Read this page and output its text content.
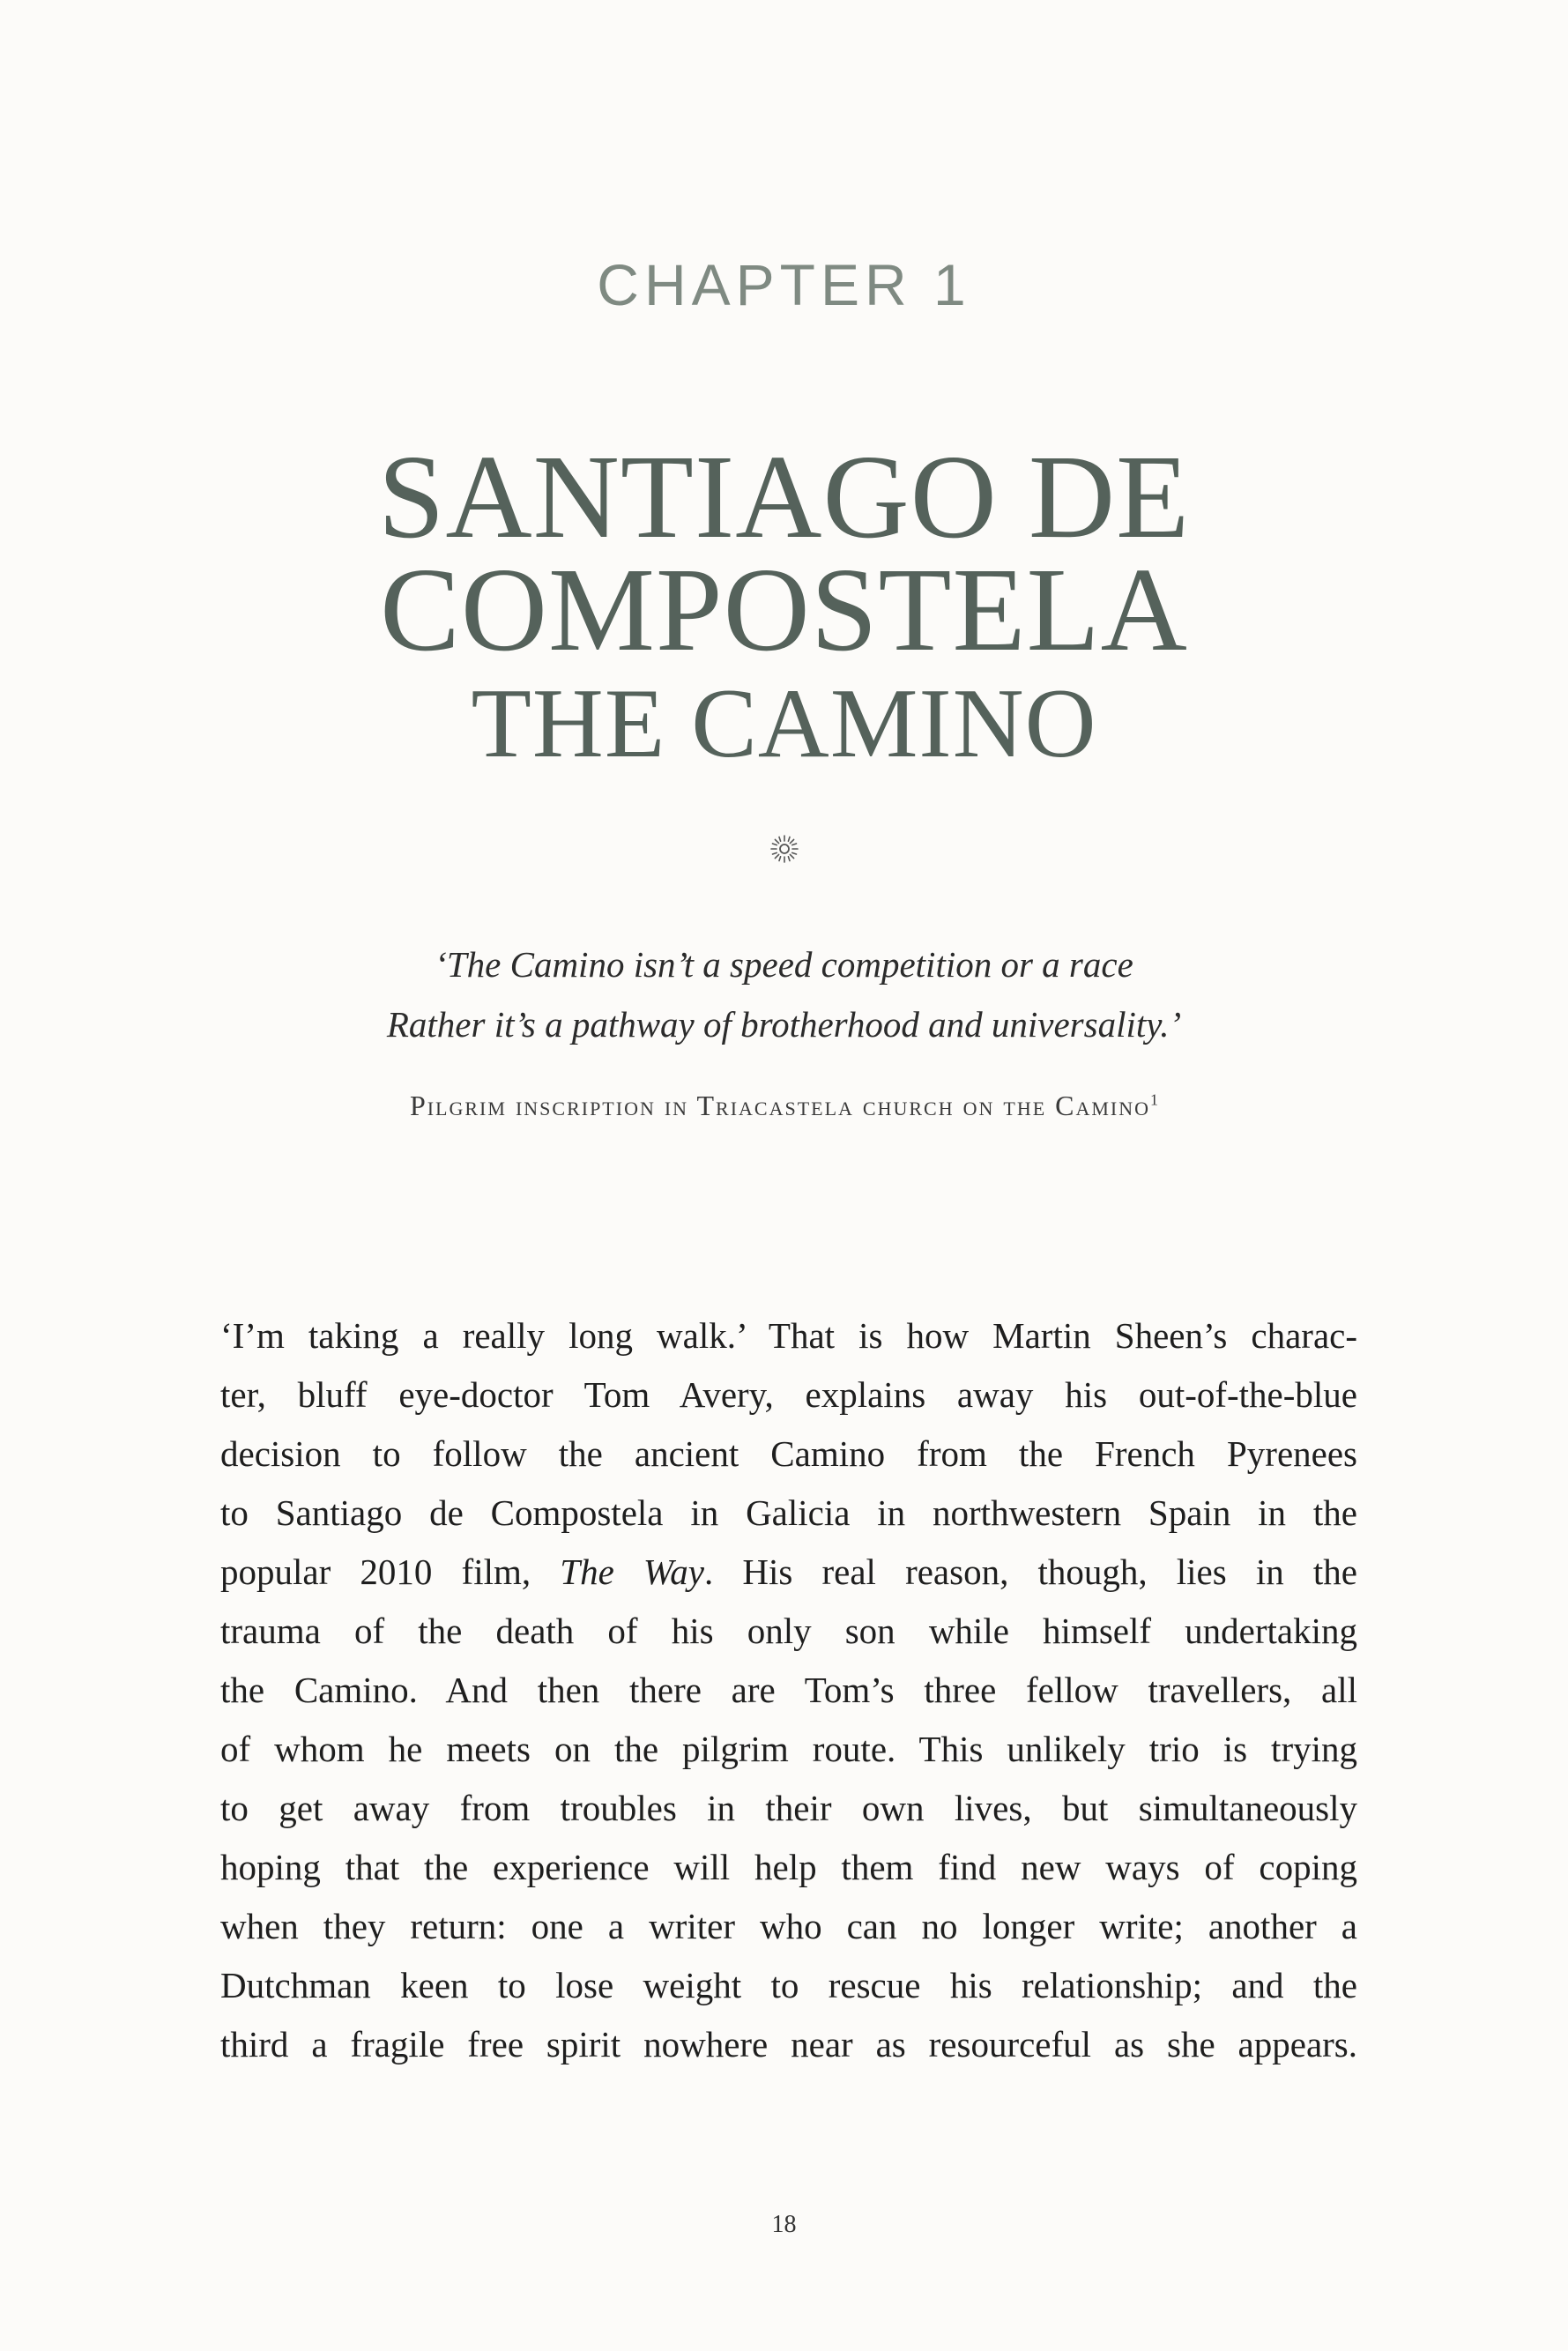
CHAPTER 1
SANTIAGO DE
COMPOSTELA
THE CAMINO

‘The Camino isn’t a speed competition or a race
Rather it’s a pathway of brotherhood and universality.’

Pilgrim inscription in Triacastela church on the Camino$^1$

‘I’m taking a really long walk.’ That is how Martin Sheen’s charac-
ter, bluff eye-doctor Tom Avery, explains away his out-of-the-blue
decision to follow the ancient Camino from the French Pyrenees
to Santiago de Compostela in Galicia in northwestern Spain in the
popular 2010 film, The Way. His real reason, though, lies in the
trauma of the death of his only son while himself undertaking
the Camino. And then there are Tom’s three fellow travellers, all
of whom he meets on the pilgrim route. This unlikely trio is trying
to get away from troubles in their own lives, but simultaneously
hoping that the experience will help them find new ways of coping
when they return: one a writer who can no longer write; another a
Dutchman keen to lose weight to rescue his relationship; and the
third a fragile free spirit nowhere near as resourceful as she appears.

18
